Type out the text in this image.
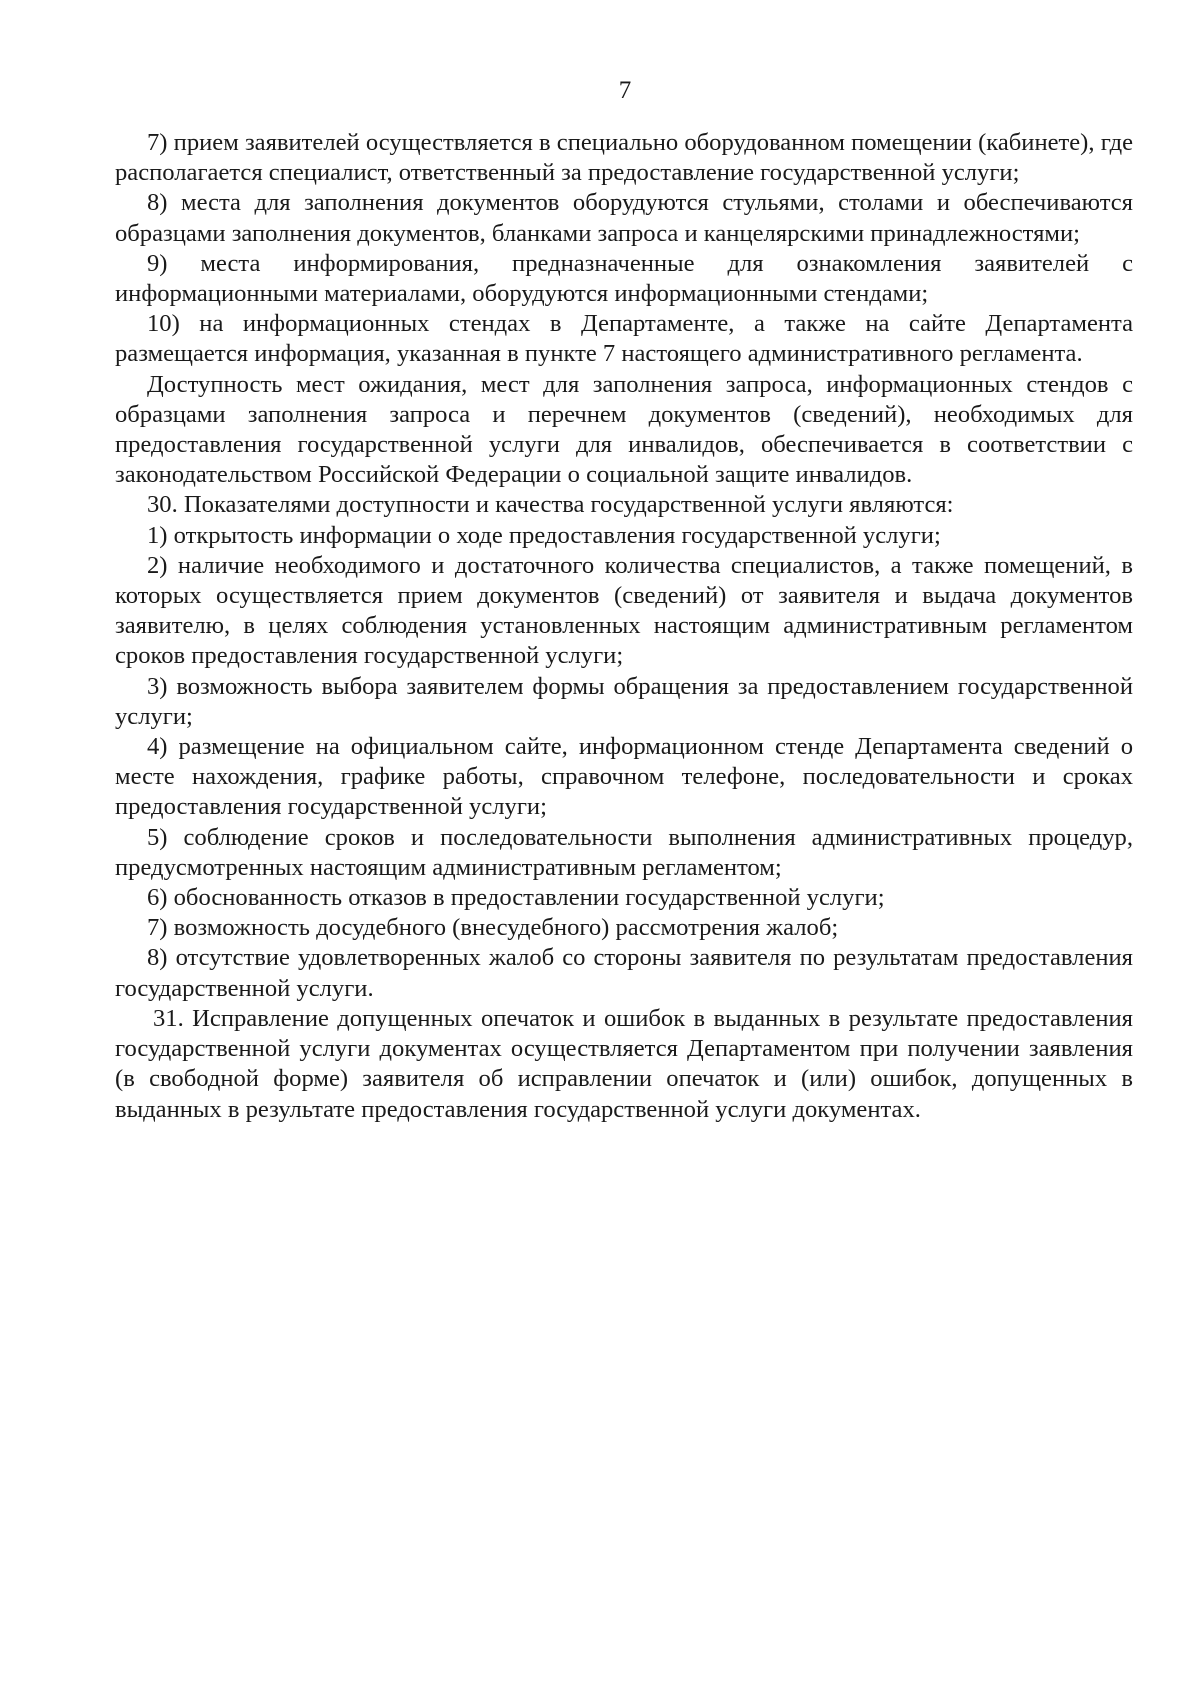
7

7) прием заявителей осуществляется в специально оборудованном помещении (кабинете), где располагается специалист, ответственный за предоставление государственной услуги;

8) места для заполнения документов оборудуются стульями, столами и обеспечиваются образцами заполнения документов, бланками запроса и канцелярскими принадлежностями;

9) места информирования, предназначенные для ознакомления заявителей с информационными материалами, оборудуются информационными стендами;

10) на информационных стендах в Департаменте, а также на сайте Департамента размещается информация, указанная в пункте 7 настоящего административного регламента.

Доступность мест ожидания, мест для заполнения запроса, информационных стендов с образцами заполнения запроса и перечнем документов (сведений), необходимых для предоставления государственной услуги для инвалидов, обеспечивается в соответствии с законодательством Российской Федерации о социальной защите инвалидов.

30. Показателями доступности и качества государственной услуги являются:

1) открытость информации о ходе предоставления государственной услуги;

2) наличие необходимого и достаточного количества специалистов, а также помещений, в которых осуществляется прием документов (сведений) от заявителя и выдача документов заявителю, в целях соблюдения установленных настоящим административным регламентом сроков предоставления государственной услуги;

3) возможность выбора заявителем формы обращения за предоставлением государственной услуги;

4) размещение на официальном сайте, информационном стенде Департамента сведений о месте нахождения, графике работы, справочном телефоне, последовательности и сроках предоставления государственной услуги;

5) соблюдение сроков и последовательности выполнения административных процедур, предусмотренных настоящим административным регламентом;

6) обоснованность отказов в предоставлении государственной услуги;

7) возможность досудебного (внесудебного) рассмотрения жалоб;

8) отсутствие удовлетворенных жалоб со стороны заявителя по результатам предоставления государственной услуги.

31. Исправление допущенных опечаток и ошибок в выданных в результате предоставления государственной услуги документах осуществляется Департаментом при получении заявления (в свободной форме) заявителя об исправлении опечаток и (или) ошибок, допущенных в выданных в результате предоставления государственной услуги документах.
